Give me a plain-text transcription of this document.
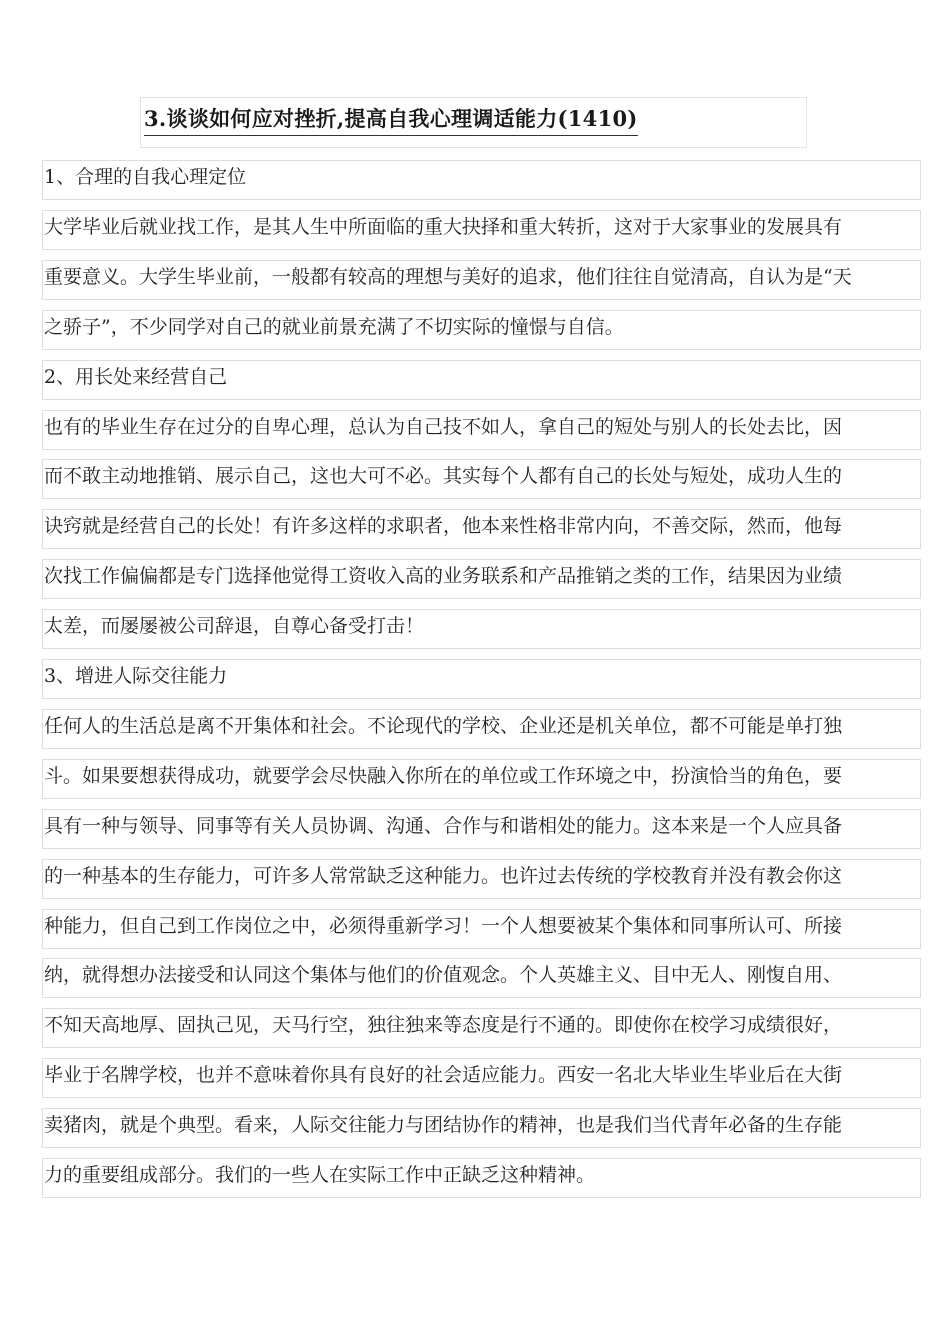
3.谈谈如何应对挫折,提高自我心理调适能力(1410)
1、合理的自我心理定位
大学毕业后就业找工作，是其人生中所面临的重大抉择和重大转折，这对于大家事业的发展具有
重要意义。大学生毕业前，一般都有较高的理想与美好的追求，他们往往自觉清高，自认为是“天
之骄子”，不少同学对自己的就业前景充满了不切实际的憧憬与自信。
2、用长处来经营自己
也有的毕业生存在过分的自卑心理，总认为自己技不如人，拿自己的短处与别人的长处去比，因
而不敢主动地推销、展示自己，这也大可不必。其实每个人都有自己的长处与短处，成功人生的
诀窍就是经营自己的长处！有许多这样的求职者，他本来性格非常内向，不善交际，然而，他每
次找工作偏偏都是专门选择他觉得工资收入高的业务联系和产品推销之类的工作，结果因为业绩
太差，而屡屡被公司辞退，自尊心备受打击！
3、增进人际交往能力
任何人的生活总是离不开集体和社会。不论现代的学校、企业还是机关单位，都不可能是单打独
斗。如果要想获得成功，就要学会尽快融入你所在的单位或工作环境之中，扮演恰当的角色，要
具有一种与领导、同事等有关人员协调、沟通、合作与和谐相处的能力。这本来是一个人应具备
的一种基本的生存能力，可许多人常常缺乏这种能力。也许过去传统的学校教育并没有教会你这
种能力，但自己到工作岗位之中，必须得重新学习！一个人想要被某个集体和同事所认可、所接
纳，就得想办法接受和认同这个集体与他们的价值观念。个人英雄主义、目中无人、刚愎自用、
不知天高地厚、固执己见，天马行空，独往独来等态度是行不通的。即使你在校学习成绩很好，
毕业于名牌学校，也并不意味着你具有良好的社会适应能力。西安一名北大毕业生毕业后在大街
卖猪肉，就是个典型。看来，人际交往能力与团结协作的精神，也是我们当代青年必备的生存能
力的重要组成部分。我们的一些人在实际工作中正缺乏这种精神。
